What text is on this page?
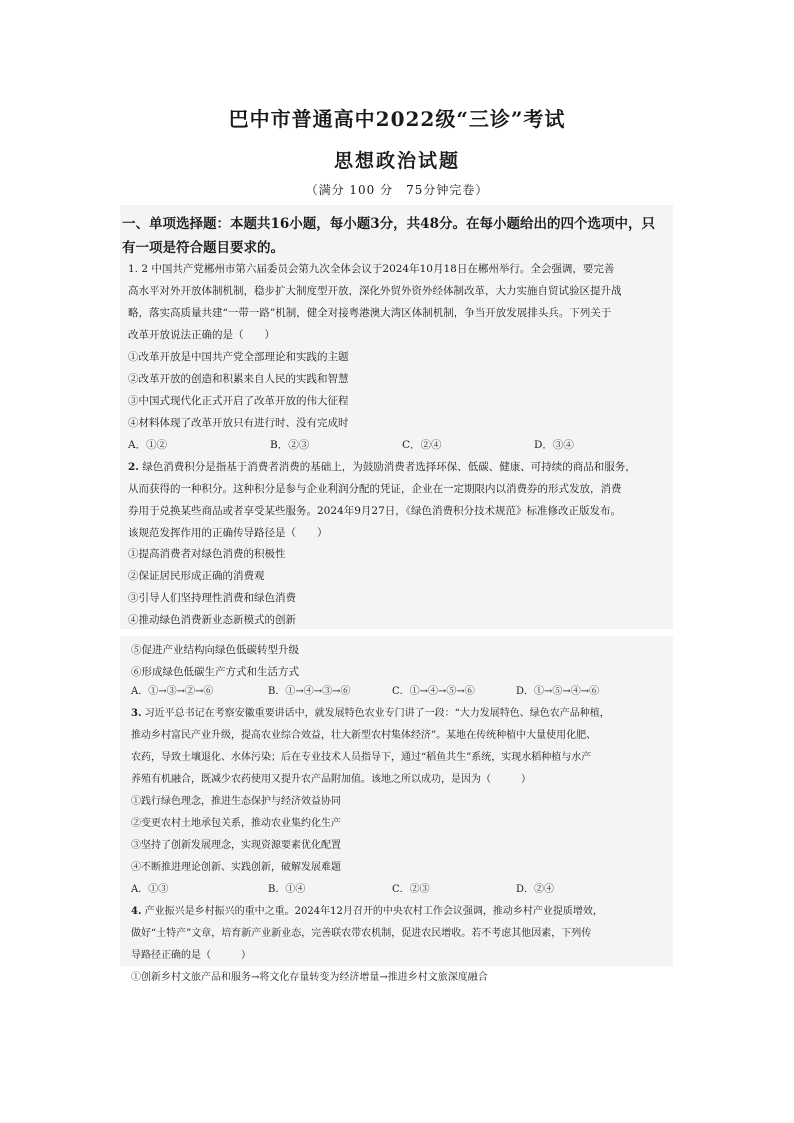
巴中市普通高中2022级“三诊”考试
思想政治试题
（满分 100 分　75分钟完卷）
一、单项选择题：本题共16小题，每小题3分，共48分。在每小题给出的四个选项中，只
有一项是符合题目要求的。
1. 2 中国共产党郴州市第六届委员会第九次全体会议于2024年10月18日在郴州举行。全会强调，要完善
高水平对外开放体制机制，稳步扩大制度型开放，深化外贸外资外经体制改革，大力实施自贸试验区提升战
略，落实高质量共建“一带一路”机制，健全对接粤港澳大湾区体制机制，争当开放发展排头兵。下列关于
改革开放说法正确的是（　　）
①改革开放是中国共产党全部理论和实践的主题
②改革开放的创造和积累来自人民的实践和智慧
③中国式现代化正式开启了改革开放的伟大征程
④材料体现了改革开放只有进行时、没有完成时
A．①②	B．②③	C．②④	D．③④
2. 绿色消费积分是指基于消费者消费的基础上，为鼓励消费者选择环保、低碳、健康、可持续的商品和服务，
从而获得的一种积分。这种积分是参与企业利润分配的凭证，企业在一定期限内以消费券的形式发放，消费
券用于兑换某些商品或者享受某些服务。2024年9月27日，《绿色消费积分技术规范》标准修改正版发布。
该规范发挥作用的正确传导路径是（　　）
①提高消费者对绿色消费的积极性
②保证居民形成正确的消费观
③引导人们坚持理性消费和绿色消费
④推动绿色消费新业态新模式的创新
⑤促进产业结构向绿色低碳转型升级
⑥形成绿色低碳生产方式和生活方式
A．①→③→②→⑥	B．①→④→③→⑥	C．①→④→⑤→⑥	D．①→⑤→④→⑥
3. 习近平总书记在考察安徽重要讲话中，就发展特色农业专门讲了一段：“大力发展特色、绿色农产品种植，
推动乡村富民产业升级，提高农业综合效益，壮大新型农村集体经济”。某地在传统种植中大量使用化肥、
农药，导致土壤退化、水体污染；后在专业技术人员指导下，通过“稻鱼共生”系统，实现水稻种植与水产
养殖有机融合，既减少农药使用又提升农产品附加值。该地之所以成功，是因为（　　　）
①践行绿色理念，推进生态保护与经济效益协同
②变更农村土地承包关系，推动农业集约化生产
③坚持了创新发展理念，实现资源要素优化配置
④不断推进理论创新、实践创新，破解发展难题
A．①③	B．①④	C．②③	D．②④
4. 产业振兴是乡村振兴的重中之重。2024年12月召开的中央农村工作会议强调，推动乡村产业提质增效，
做好“土特产”文章，培育新产业新业态，完善联农带农机制，促进农民增收。若不考虑其他因素，下列传
导路径正确的是（　　　）
①创新乡村文旅产品和服务→将文化存量转变为经济增量→推进乡村文旅深度融合
